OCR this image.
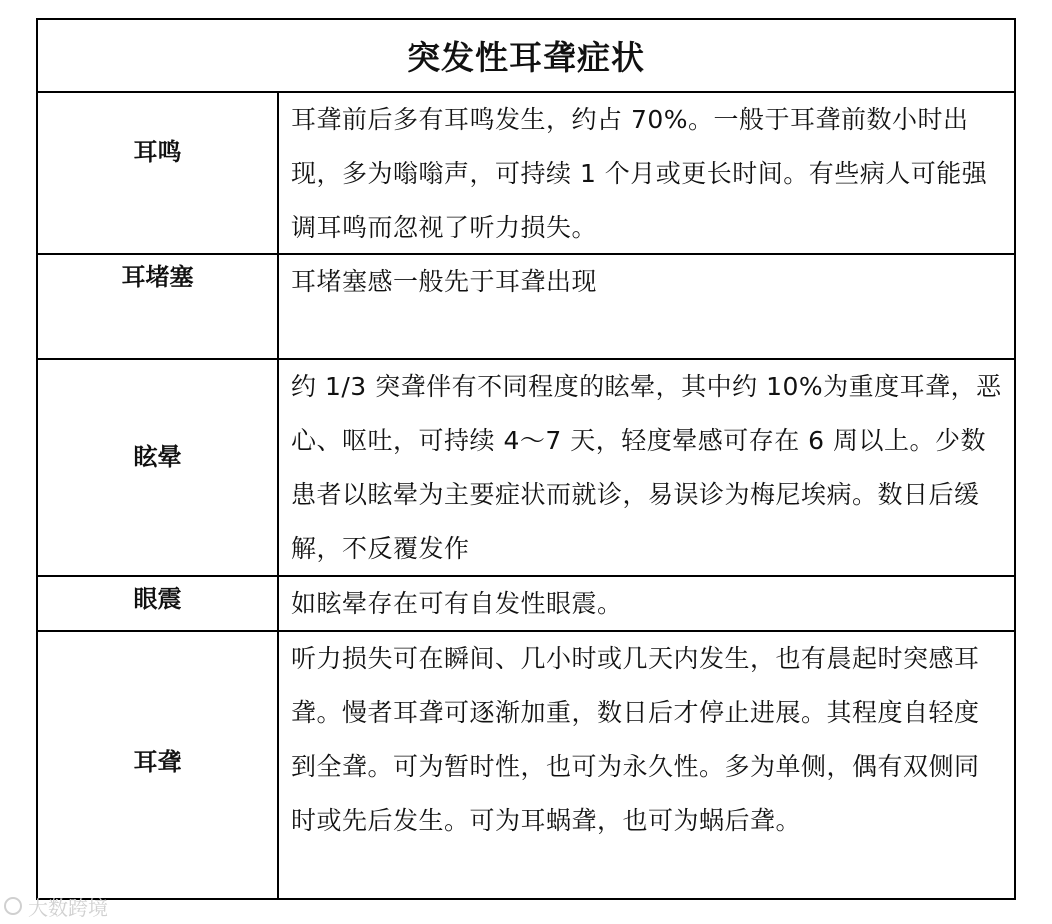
突发性耳聋症状
耳鸣
耳聋前后多有耳鸣发生，约占 70%。一般于耳聋前数小时出现，多为嗡嗡声，可持续 1 个月或更长时间。有些病人可能强调耳鸣而忽视了听力损失。
耳堵塞	耳堵塞感一般先于耳聋出现
眩晕
约 1/3 突聋伴有不同程度的眩晕，其中约 10%为重度耳聋，恶心、呕吐，可持续 4～7 天，轻度晕感可存在 6 周以上。少数患者以眩晕为主要症状而就诊，易误诊为梅尼埃病。数日后缓解，不反覆发作
眼震	如眩晕存在可有自发性眼震。
耳聋
听力损失可在瞬间、几小时或几天内发生，也有晨起时突感耳聋。慢者耳聋可逐渐加重，数日后才停止进展。其程度自轻度到全聋。可为暂时性，也可为永久性。多为单侧，偶有双侧同时或先后发生。可为耳蜗聋，也可为蜗后聋。
大数跨境
